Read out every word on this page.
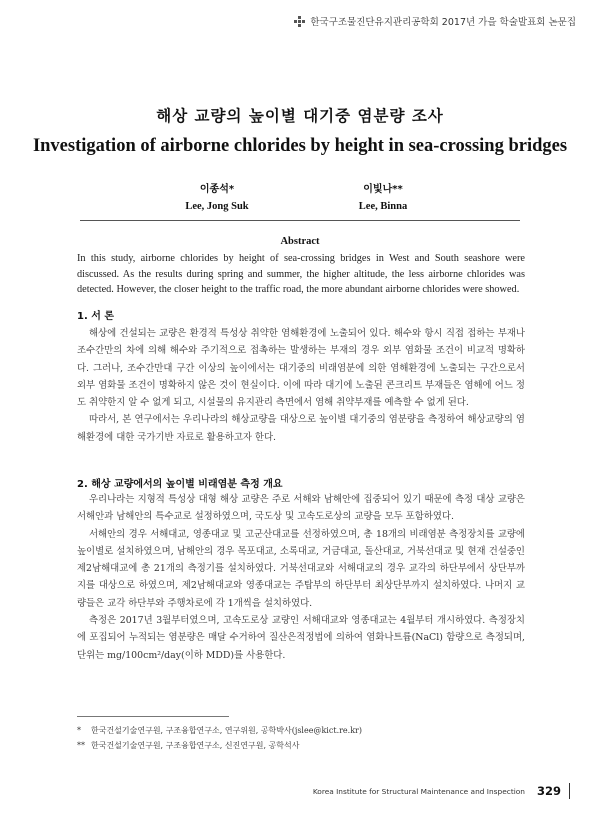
한국구조물진단유지관리공학회 2017년 가을 학술발표회 논문집
해상 교량의 높이별 대기중 염분량 조사
Investigation of airborne chlorides by height in sea-crossing bridges
이종석*
Lee, Jong Suk
이빛나**
Lee, Binna
Abstract
In this study, airborne chlorides by height of sea-crossing bridges in West and South seashore were discussed. As the results during spring and summer, the higher altitude, the less airborne chlorides was detected. However, the closer height to the traffic road, the more abundant airborne chlorides were showed.
1. 서 론

해상에 건설되는 교량은 환경적 특성상 취약한 염해환경에 노출되어 있다. 해수와 항시 직접 접하는 부재나 조수간만의 차에 의해 해수와 주기적으로 접촉하는 발생하는 부재의 경우 외부 염화물 조건이 비교적 명확하다. 그러나, 조수간만대 구간 이상의 높이에서는 대기중의 비래염분에 의한 염해환경에 노출되는 구간으로서 외부 염화물 조건이 명확하지 않은 것이 현실이다. 이에 따라 대기에 노출된 콘크리트 부재들은 염해에 어느 정도 취약한지 알 수 없게 되고, 시설물의 유지관리 측면에서 염해 취약부재를 예측할 수 없게 된다.

따라서, 본 연구에서는 우리나라의 해상교량을 대상으로 높이별 대기중의 염분량을 측정하여 해상교량의 염해환경에 대한 국가기반 자료로 활용하고자 한다.

2. 해상 교량에서의 높이별 비래염분 측정 개요

우리나라는 지형적 특성상 대형 해상 교량은 주로 서해와 남해안에 집중되어 있기 때문에 측정 대상 교량은 서해안과 남해안의 특수교로 설정하였으며, 국도상 및 고속도로상의 교량을 모두 포함하였다.

서해안의 경우 서해대교, 영종대교 및 고군산대교를 선정하였으며, 총 18개의 비래염분 측정장치를 교량에 높이별로 설치하였으며, 남해안의 경우 목포대교, 소록대교, 거금대교, 돌산대교, 거북선대교 및 현재 건설중인 제2남해대교에 총 21개의 측정기를 설치하였다. 거북선대교와 서해대교의 경우 교각의 하단부에서 상단부까지를 대상으로 하였으며, 제2남해대교와 영종대교는 주탑부의 하단부터 최상단부까지 설치하였다. 나머지 교량들은 교각 하단부와 주행차로에 각 1개씩을 설치하였다.

측정은 2017년 3월부터였으며, 고속도로상 교량인 서해대교와 영종대교는 4월부터 개시하였다. 측정장치에 포집되어 누적되는 염분량은 매달 수거하여 질산은적정법에 의하여 염화나트륨(NaCl) 함량으로 측정되며, 단위는 mg/100cm²/day(이하 MDD)를 사용한다.

* 한국건설기술연구원, 구조융합연구소, 연구위원, 공학박사(jslee@kict.re.kr)
** 한국건설기술연구원, 구조융합연구소, 신진연구원, 공학석사
Korea Institute for Structural Maintenance and Inspection 329
